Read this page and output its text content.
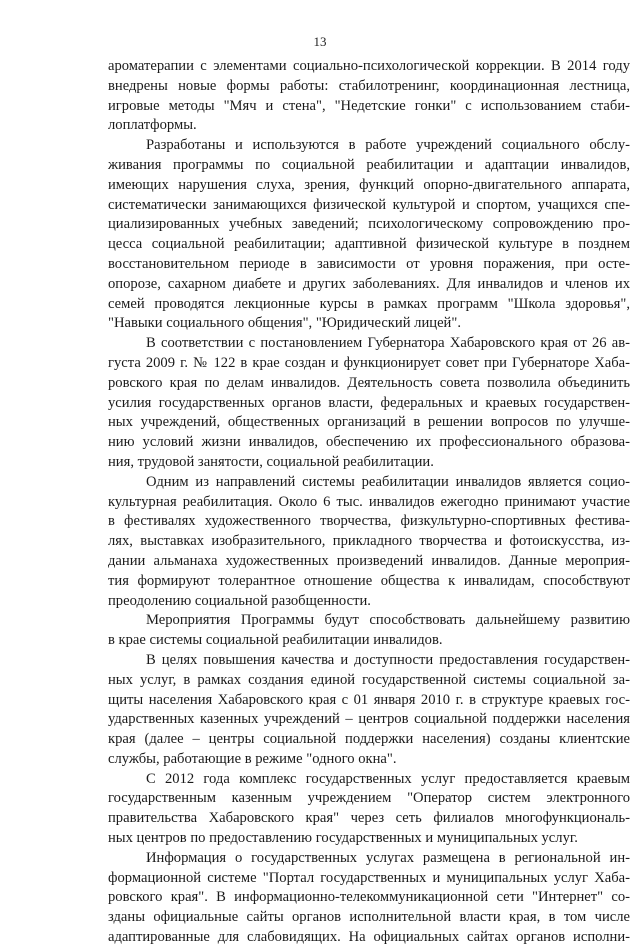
13
ароматерапии с элементами социально-психологической коррекции. В 2014 году
внедрены новые формы работы: стабилотренинг, координационная лестница,
игровые методы "Мяч и стена", "Недетские гонки" с использованием стаби-
лоплатформы.
Разработаны и используются в работе учреждений социального обслу-
живания программы по социальной реабилитации и адаптации инвалидов,
имеющих нарушения слуха, зрения, функций опорно-двигательного аппарата,
систематически занимающихся физической культурой и спортом, учащихся спе-
циализированных учебных заведений; психологическому сопровождению про-
цесса социальной реабилитации; адаптивной физической культуре в позднем
восстановительном периоде в зависимости от уровня поражения, при осте-
опорозе, сахарном диабете и других заболеваниях. Для инвалидов и членов их
семей проводятся лекционные курсы в рамках программ "Школа здоровья",
"Навыки социального общения", "Юридический лицей".
В соответствии с постановлением Губернатора Хабаровского края от 26 ав-
густа 2009 г. № 122 в крае создан и функционирует совет при Губернаторе Хаба-
ровского края по делам инвалидов. Деятельность совета позволила объединить
усилия государственных органов власти, федеральных и краевых государствен-
ных учреждений, общественных организаций в решении вопросов по улучше-
нию условий жизни инвалидов, обеспечению их профессионального образова-
ния, трудовой занятости, социальной реабилитации.
Одним из направлений системы реабилитации инвалидов является социо-
культурная реабилитация. Около 6 тыс. инвалидов ежегодно принимают участие
в фестивалях художественного творчества, физкультурно-спортивных фестива-
лях, выставках изобразительного, прикладного творчества и фотоискусства, из-
дании альманаха художественных произведений инвалидов. Данные мероприя-
тия формируют толерантное отношение общества к инвалидам, способствуют
преодолению социальной разобщенности.
Мероприятия Программы будут способствовать дальнейшему развитию
в крае системы социальной реабилитации инвалидов.
В целях повышения качества и доступности предоставления государствен-
ных услуг, в рамках создания единой государственной системы социальной за-
щиты населения Хабаровского края с 01 января 2010 г. в структуре краевых гос-
ударственных казенных учреждений – центров социальной поддержки населения
края (далее – центры социальной поддержки населения) созданы клиентские
службы, работающие в режиме "одного окна".
С 2012 года комплекс государственных услуг предоставляется краевым
государственным казенным учреждением "Оператор систем электронного
правительства Хабаровского края" через сеть филиалов многофункциональ-
ных центров по предоставлению государственных и муниципальных услуг.
Информация о государственных услугах размещена в региональной ин-
формационной системе "Портал государственных и муниципальных услуг Хаба-
ровского края". В информационно-телекоммуникационной сети "Интернет" со-
зданы официальные сайты органов исполнительной власти края, в том числе
адаптированные для слабовидящих. На официальных сайтах органов исполни-
